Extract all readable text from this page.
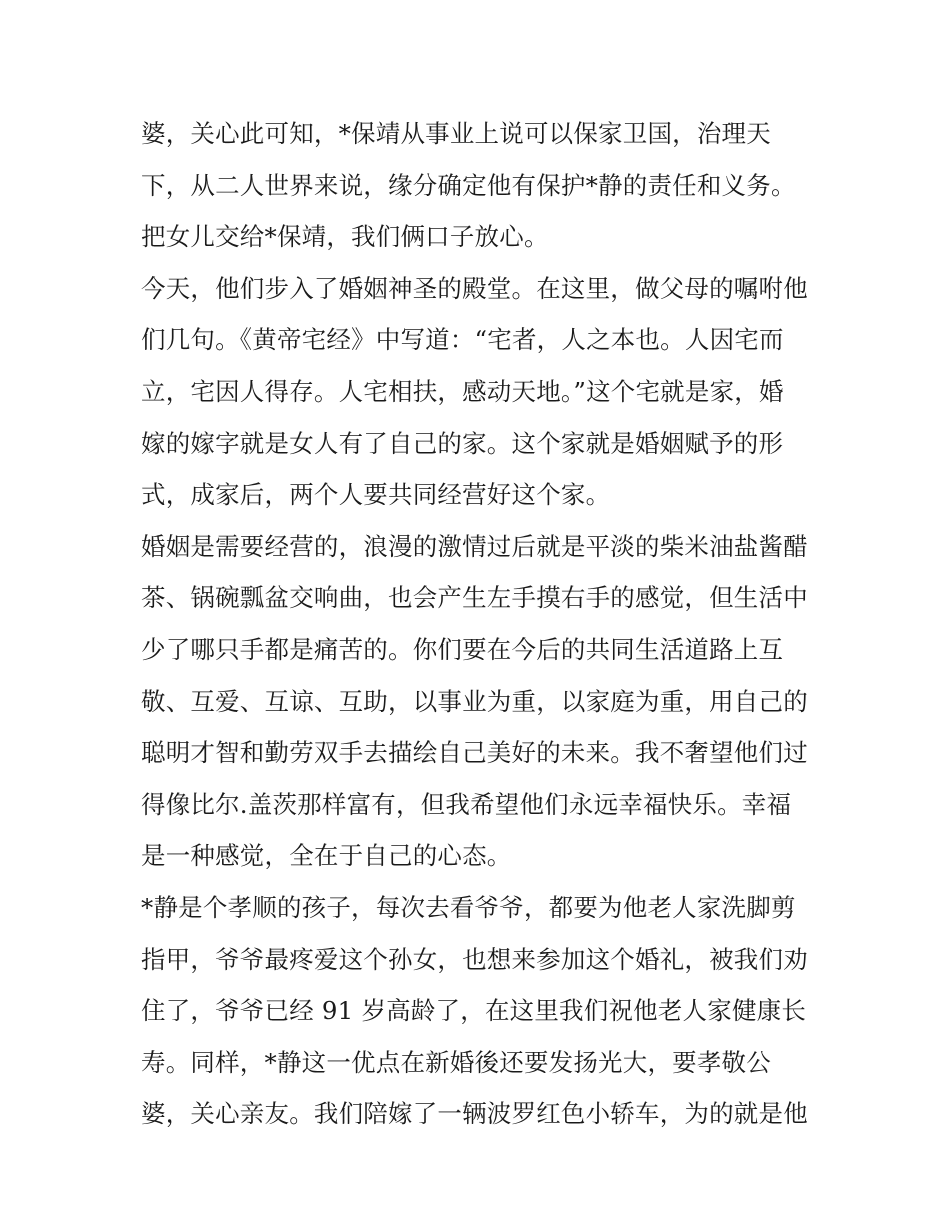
婆，关心此可知，*保靖从事业上说可以保家卫国，治理天
下，从二人世界来说，缘分确定他有保护*静的责任和义务。
把女儿交给*保靖，我们俩口子放心。
今天，他们步入了婚姻神圣的殿堂。在这里，做父母的嘱咐他
们几句。《黄帝宅经》中写道：“宅者，人之本也。人因宅而
立，宅因人得存。人宅相扶，感动天地。”这个宅就是家，婚
嫁的嫁字就是女人有了自己的家。这个家就是婚姻赋予的形
式，成家后，两个人要共同经营好这个家。
婚姻是需要经营的，浪漫的激情过后就是平淡的柴米油盐酱醋
茶、锅碗瓢盆交响曲，也会产生左手摸右手的感觉，但生活中
少了哪只手都是痛苦的。你们要在今后的共同生活道路上互
敬、互爱、互谅、互助，以事业为重，以家庭为重，用自己的
聪明才智和勤劳双手去描绘自己美好的未来。我不奢望他们过
得像比尔.盖茨那样富有，但我希望他们永远幸福快乐。幸福
是一种感觉，全在于自己的心态。
*静是个孝顺的孩子，每次去看爷爷，都要为他老人家洗脚剪
指甲，爷爷最疼爱这个孙女，也想来参加这个婚礼，被我们劝
住了，爷爷已经 91 岁高龄了，在这里我们祝他老人家健康长
寿。同样，*静这一优点在新婚後还要发扬光大，要孝敬公
婆，关心亲友。我们陪嫁了一辆波罗红色小轿车，为的就是他
